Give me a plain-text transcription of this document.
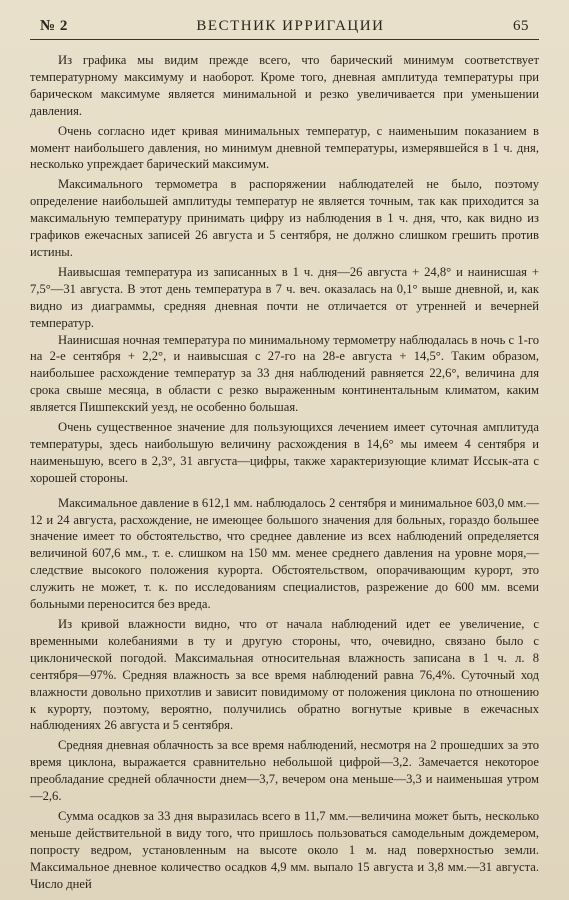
№ 2	ВЕСТНИК ИРРИГАЦИИ	65

Из графика мы видим прежде всего, что барический минимум соответствует температурному максимуму и наоборот. Кроме того, дневная амплитуда температуры при барическом максимуме является минимальной и резко увеличивается при уменьшении давления.

Очень согласно идет кривая минимальных температур, с наименьшим показанием в момент наибольшего давления, но минимум дневной температуры, измерявшейся в 1 ч. дня, несколько упреждает барический максимум.

Максимального термометра в распоряжении наблюдателей не было, поэтому определение наибольшей амплитуды температур не является точным, так как приходится за максимальную температуру принимать цифру из наблюдения в 1 ч. дня, что, как видно из графиков ежечасных записей 26 августа и 5 сентября, не должно слишком грешить против истины.

Наивысшая температура из записанных в 1 ч. дня—26 августа + 24,8° и наинисшая + 7,5°—31 августа. В этот день температура в 7 ч. веч. оказалась на 0,1° выше дневной, и, как видно из диаграммы, средняя дневная почти не отличается от утренней и вечерней температур.

Наинисшая ночная температура по минимальному термометру наблюдалась в ночь с 1-го на 2-е сентября + 2,2°, и наивысшая с 27-го на 28-е августа + 14,5°. Таким образом, наибольшее расхождение температур за 33 дня наблюдений равняется 22,6°, величина для срока свыше месяца, в области с резко выраженным континентальным климатом, каким является Пишпекский уезд, не особенно большая.

Очень существенное значение для пользующихся лечением имеет суточная амплитуда температуры, здесь наибольшую величину расхождения в 14,6° мы имеем 4 сентября и наименьшую, всего в 2,3°, 31 августа—цифры, также характеризующие климат Иссык-ата с хорошей стороны.

Максимальное давление в 612,1 мм. наблюдалось 2 сентября и минимальное 603,0 мм.—12 и 24 августа, расхождение, не имеющее большого значения для больных, гораздо большее значение имеет то обстоятельство, что среднее давление из всех наблюдений определяется величиной 607,6 мм., т. е. слишком на 150 мм. менее среднего давления на уровне моря,—следствие высокого положения курорта. Обстоятельством, опорачивающим курорт, это служить не может, т. к. по исследованиям специалистов, разрежение до 600 мм. всеми больными переносится без вреда.

Из кривой влажности видно, что от начала наблюдений идет ее увеличение, с временными колебаниями в ту и другую стороны, что, очевидно, связано было с циклонической погодой. Максимальная относительная влажность записана в 1 ч. л. 8 сентября—97%. Средняя влажность за все время наблюдений равна 76,4%. Суточный ход влажности довольно прихотлив и зависит повидимому от положения циклона по отношению к курорту, поэтому, вероятно, получились обратно вогнутые кривые в ежечасных наблюдениях 26 августа и 5 сентября.

Средняя дневная облачность за все время наблюдений, несмотря на 2 прошедших за это время циклона, выражается сравнительно небольшой цифрой—3,2. Замечается некоторое преобладание средней облачности днем—3,7, вечером она меньше—3,3 и наименьшая утром—2,6.

Сумма осадков за 33 дня выразилась всего в 11,7 мм.—величина может быть, несколько меньше действительной в виду того, что пришлось пользоваться самодельным дождемером, попросту ведром, установленным на высоте около 1 м. над поверхностью земли. Максимальное дневное количество осадков 4,9 мм. выпало 15 августа и 3,8 мм.—31 августа. Число дней
